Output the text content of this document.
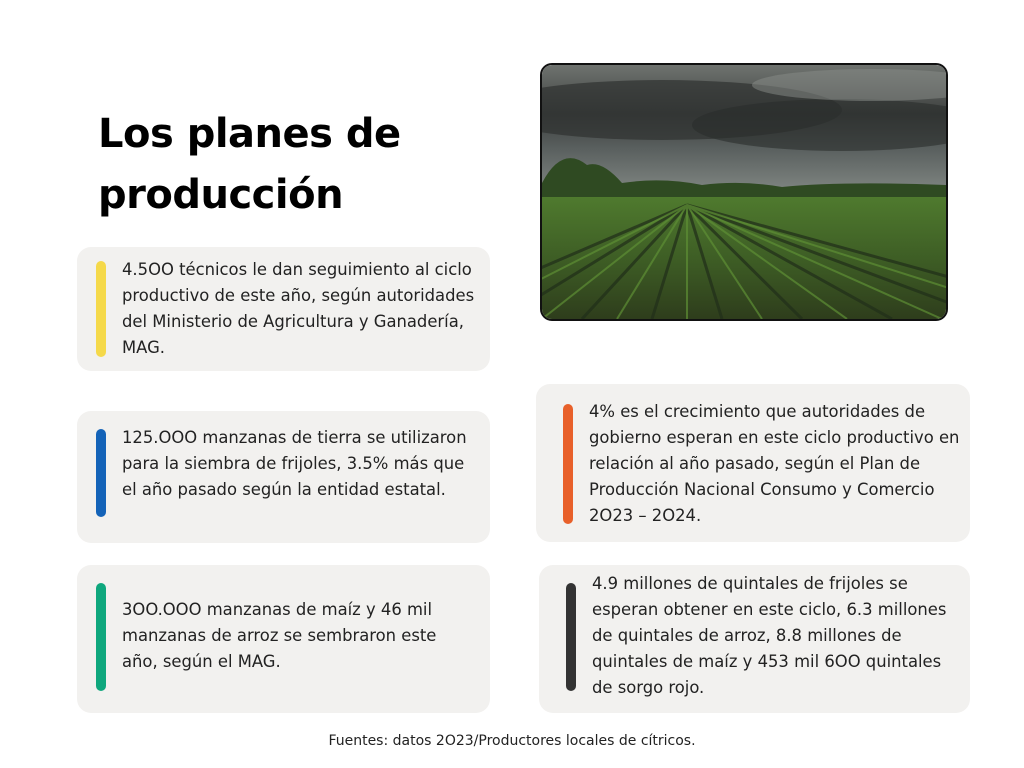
Los planes de producción

4.5OO técnicos le dan seguimiento al ciclo productivo de este año, según autoridades del Ministerio de Agricultura y Ganadería, MAG.

125.OOO manzanas de tierra se utilizaron para la siembra de frijoles, 3.5% más que el año pasado según la entidad estatal.

3OO.OOO manzanas de maíz y 46 mil manzanas de arroz se sembraron este año, según el MAG.

4% es el crecimiento que autoridades de gobierno esperan en este ciclo productivo en relación al año pasado, según el Plan de Producción Nacional Consumo y Comercio 2O23 – 2O24.

4.9 millones de quintales de frijoles se esperan obtener en este ciclo, 6.3 millones de quintales de arroz, 8.8 millones de quintales de maíz y 453 mil 6OO quintales de sorgo rojo.

Fuentes: datos 2O23/Productores locales de cítricos.
